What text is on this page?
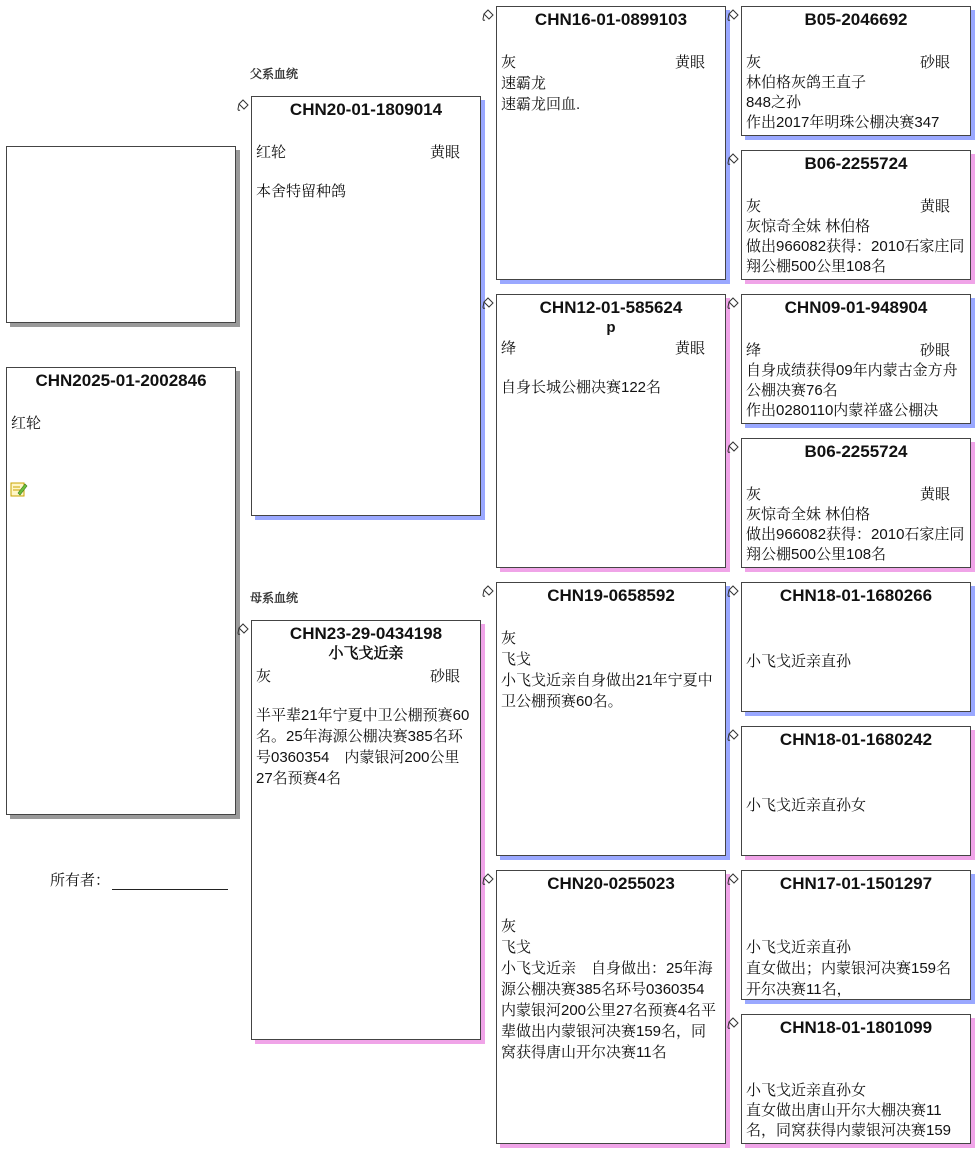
CHN2025-01-2002846
红轮
所有者：
父系血统
母系血统
CHN20-01-1809014
红轮	黄眼
本舍特留种鸽
CHN23-29-0434198
小飞戈近亲
灰	砂眼
半平辈21年宁夏中卫公棚预赛60名。25年海源公棚决赛385名环号0360354　内蒙银河200公里27名预赛4名
CHN16-01-0899103
灰	黄眼
速霸龙
速霸龙回血.
CHN12-01-585624
p
绛	黄眼
自身长城公棚决赛122名
CHN19-0658592
灰
飞戈
小飞戈近亲自身做出21年宁夏中卫公棚预赛60名。
CHN20-0255023
灰
飞戈
小飞戈近亲　自身做出：25年海源公棚决赛385名环号0360354　内蒙银河200公里27名预赛4名平辈做出内蒙银河决赛159名，同窝获得唐山开尔决赛11名
B05-2046692
灰	砂眼
林伯格灰鸽王直子
848之孙
作出2017年明珠公棚决赛347
B06-2255724
灰	黄眼
灰惊奇全妹 林伯格
做出966082获得：2010石家庄同翔公棚500公里108名
CHN09-01-948904
绛	砂眼
自身成绩获得09年内蒙古金方舟公棚决赛76名
作出0280110内蒙祥盛公棚决
B06-2255724
灰	黄眼
灰惊奇全妹 林伯格
做出966082获得：2010石家庄同翔公棚500公里108名
CHN18-01-1680266
小飞戈近亲直孙
CHN18-01-1680242
小飞戈近亲直孙女
CHN17-01-1501297
小飞戈近亲直孙
直女做出；内蒙银河决赛159名开尔决赛11名，
CHN18-01-1801099
小飞戈近亲直孙女
直女做出唐山开尔大棚决赛11名，同窝获得内蒙银河决赛159
